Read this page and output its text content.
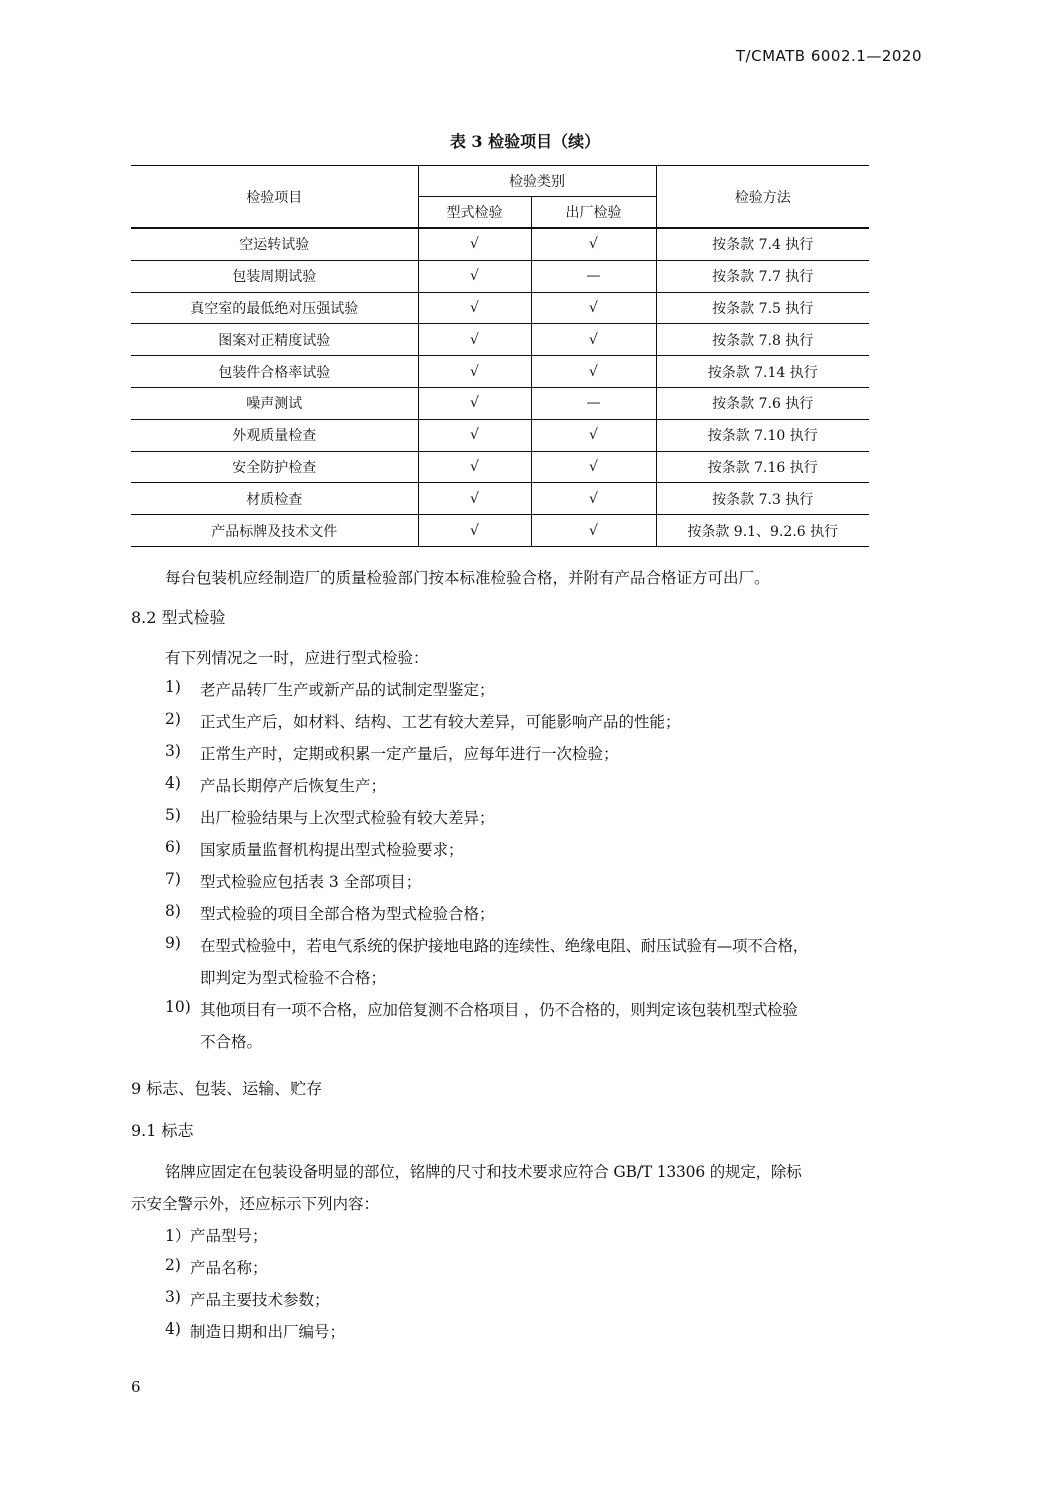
T/CMATB 6002.1—2020
表 3 检验项目（续）
检验项目	检验类别		检验方法
	型式检验	出厂检验	
空运转试验	√	√	按条款 7.4 执行
包装周期试验	√	—	按条款 7.7 执行
真空室的最低绝对压强试验	√	√	按条款 7.5 执行
图案对正精度试验	√	√	按条款 7.8 执行
包装件合格率试验	√	√	按条款 7.14 执行
噪声测试	√	—	按条款 7.6 执行
外观质量检查	√	√	按条款 7.10 执行
安全防护检查	√	√	按条款 7.16 执行
材质检查	√	√	按条款 7.3 执行
产品标牌及技术文件	√	√	按条款 9.1、9.2.6 执行
每台包装机应经制造厂的质量检验部门按本标准检验合格，并附有产品合格证方可出厂。
8.2 型式检验
有下列情况之一时，应进行型式检验：
1) 老产品转厂生产或新产品的试制定型鉴定；
2) 正式生产后，如材料、结构、工艺有较大差异，可能影响产品的性能；
3) 正常生产时，定期或积累一定产量后，应每年进行一次检验；
4) 产品长期停产后恢复生产；
5) 出厂检验结果与上次型式检验有较大差异；
6) 国家质量监督机构提出型式检验要求；
7) 型式检验应包括表 3 全部项目；
8) 型式检验的项目全部合格为型式检验合格；
9) 在型式检验中，若电气系统的保护接地电路的连续性、绝缘电阻、耐压试验有—项不合格，
即判定为型式检验不合格；
10) 其他项目有一项不合格，应加倍复测不合格项目 ，仍不合格的，则判定该包装机型式检验
不合格。
9 标志、包装、运输、贮存
9.1 标志
铭牌应固定在包装设备明显的部位，铭牌的尺寸和技术要求应符合 GB/T 13306 的规定，除标
示安全警示外，还应标示下列内容：
1） 产品型号；
2) 产品名称；
3) 产品主要技术参数；
4) 制造日期和出厂编号；
6
